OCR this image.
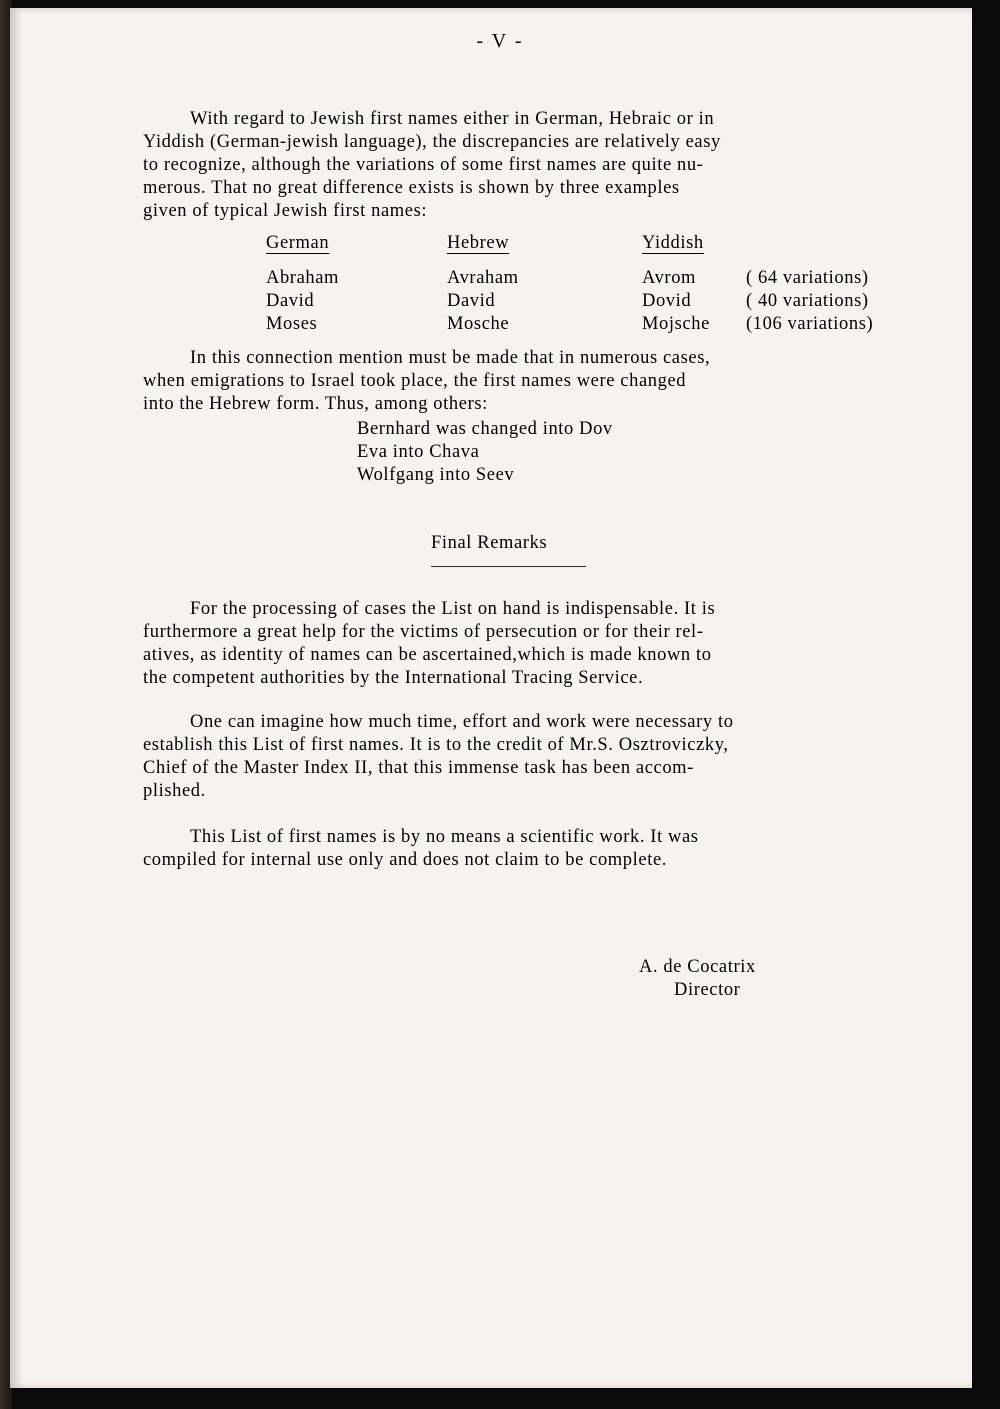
- V -

With regard to Jewish first names either in German, Hebraic or in
Yiddish (German-jewish language), the discrepancies are relatively easy
to recognize, although the variations of some first names are quite nu-
merous. That no great difference exists is shown by three examples
given of typical Jewish first names:

German
Abraham
David
Moses
Hebrew
Avraham
David
Mosche
Yiddish
Avrom
Dovid
Mojsche
( 64 variations)
( 40 variations)
(106 variations)

In this connection mention must be made that in numerous cases,
when emigrations to Israel took place, the first names were changed
into the Hebrew form. Thus, among others:

Bernhard was changed into Dov
Eva into Chava
Wolfgang into Seev
Final Remarks

For the processing of cases the List on hand is indispensable. It is
furthermore a great help for the victims of persecution or for their rel-
atives, as identity of names can be ascertained,which is made known to
the competent authorities by the International Tracing Service.

One can imagine how much time, effort and work were necessary to
establish this List of first names. It is to the credit of Mr.S. Osztroviczky,
Chief of the Master Index II, that this immense task has been accom-
plished.

This List of first names is by no means a scientific work. It was
compiled for internal use only and does not claim to be complete.

A. de Cocatrix
Director
